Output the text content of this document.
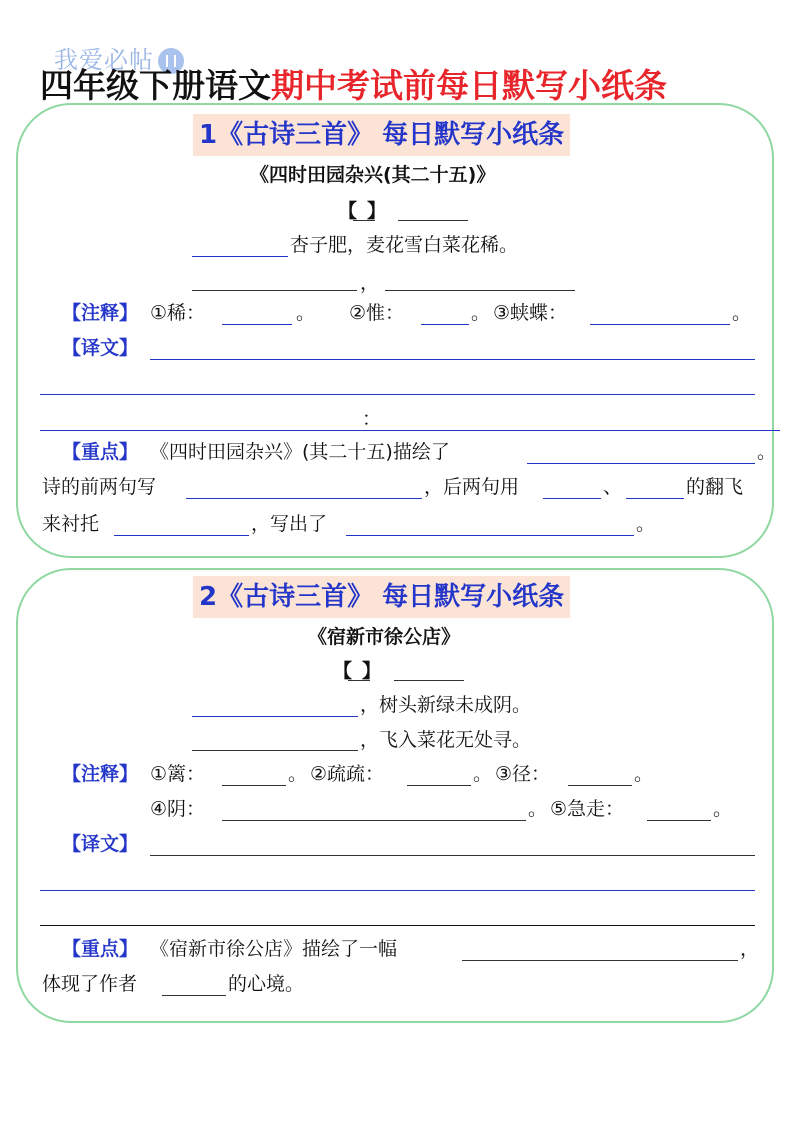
我爱必帖
四年级下册语文期中考试前每日默写小纸条
1《古诗三首》 每日默写小纸条
《四时田园杂兴(其二十五)》
【 】
杏子肥，麦花雪白菜花稀。
，
【注释】 ①稀：	。 ②惟：	。 ③蛱蝶：	。
【译文】
：
【重点】 《四时田园杂兴》(其二十五)描绘了	。
诗的前两句写	，后两句用	、	的翻飞
来衬托	，写出了	。
2《古诗三首》 每日默写小纸条
《宿新市徐公店》
【 】
，树头新绿未成阴。
，飞入菜花无处寻。
【注释】 ①篱：	。 ②疏疏：	。 ③径：	。
④阴：	。 ⑤急走：	。
【译文】
【重点】 《宿新市徐公店》描绘了一幅	，
体现了作者	的心境。
